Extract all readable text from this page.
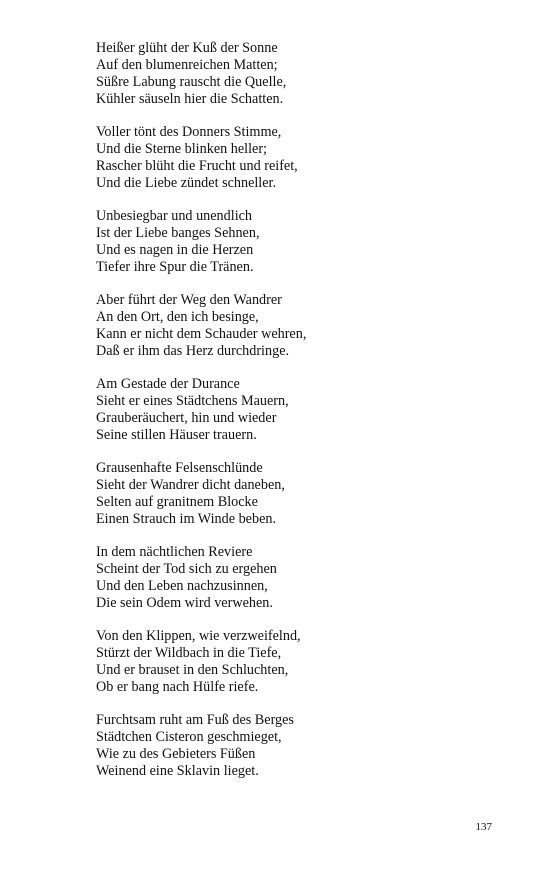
Heißer glüht der Kuß der Sonne
Auf den blumenreichen Matten;
Süßre Labung rauscht die Quelle,
Kühler säuseln hier die Schatten.
Voller tönt des Donners Stimme,
Und die Sterne blinken heller;
Rascher blüht die Frucht und reifet,
Und die Liebe zündet schneller.
Unbesiegbar und unendlich
Ist der Liebe banges Sehnen,
Und es nagen in die Herzen
Tiefer ihre Spur die Tränen.
Aber führt der Weg den Wandrer
An den Ort, den ich besinge,
Kann er nicht dem Schauder wehren,
Daß er ihm das Herz durchdringe.
Am Gestade der Durance
Sieht er eines Städtchens Mauern,
Grauberäuchert, hin und wieder
Seine stillen Häuser trauern.
Grausenhafte Felsenschlünde
Sieht der Wandrer dicht daneben,
Selten auf granitnem Blocke
Einen Strauch im Winde beben.
In dem nächtlichen Reviere
Scheint der Tod sich zu ergehen
Und den Leben nachzusinnen,
Die sein Odem wird verwehen.
Von den Klippen, wie verzweifelnd,
Stürzt der Wildbach in die Tiefe,
Und er brauset in den Schluchten,
Ob er bang nach Hülfe riefe.
Furchtsam ruht am Fuß des Berges
Städtchen Cisteron geschmieget,
Wie zu des Gebieters Füßen
Weinend eine Sklavin lieget.
137
